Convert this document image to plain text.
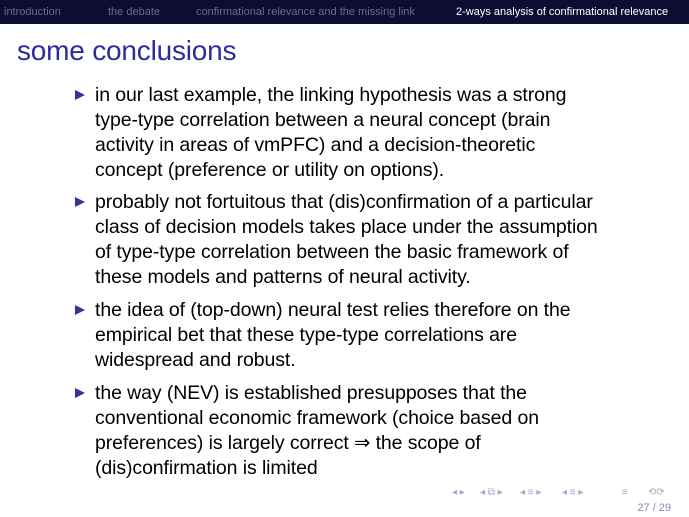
introduction	the debate	confirmational relevance and the missing link	2-ways analysis of confirmational relevance
some conclusions
in our last example, the linking hypothesis was a strong
type-type correlation between a neural concept (brain
activity in areas of vmPFC) and a decision-theoretic
concept (preference or utility on options).
probably not fortuitous that (dis)confirmation of a particular
class of decision models takes place under the assumption
of type-type correlation between the basic framework of
these models and patterns of neural activity.
the idea of (top-down) neural test relies therefore on the
empirical bet that these type-type correlations are
widespread and robust.
the way (NEV) is established presupposes that the
conventional economic framework (choice based on
preferences) is largely correct ⇒ the scope of
(dis)confirmation is limited
◂ ▸ ◂ ⧉ ▸ ◂ ≡ ▸ ◂ ≡ ▸	≡ ⟲⟳
27 / 29
